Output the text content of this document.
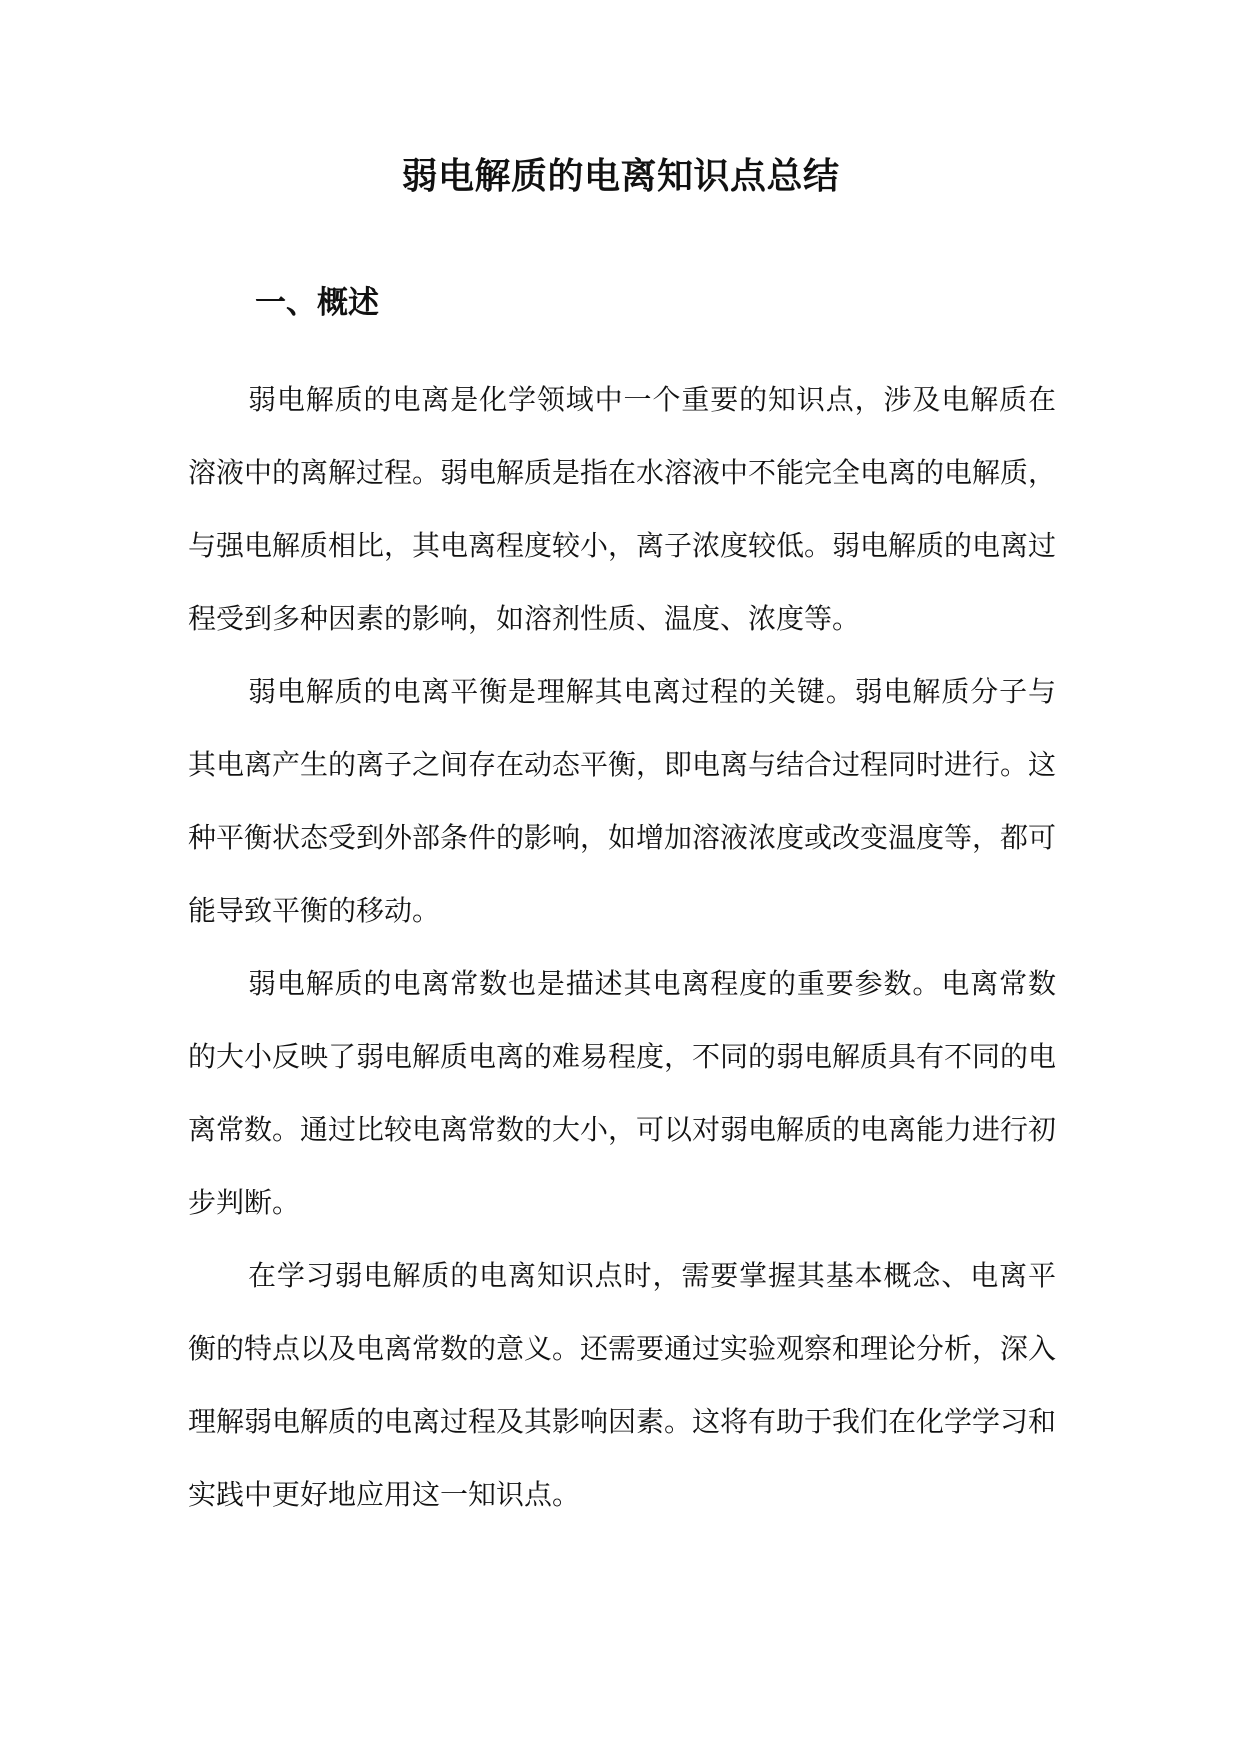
弱电解质的电离知识点总结
一、概述

弱电解质的电离是化学领域中一个重要的知识点，涉及电解质在溶液中的离解过程。弱电解质是指在水溶液中不能完全电离的电解质，与强电解质相比，其电离程度较小，离子浓度较低。弱电解质的电离过程受到多种因素的影响，如溶剂性质、温度、浓度等。

弱电解质的电离平衡是理解其电离过程的关键。弱电解质分子与其电离产生的离子之间存在动态平衡，即电离与结合过程同时进行。这种平衡状态受到外部条件的影响，如增加溶液浓度或改变温度等，都可能导致平衡的移动。

弱电解质的电离常数也是描述其电离程度的重要参数。电离常数的大小反映了弱电解质电离的难易程度，不同的弱电解质具有不同的电离常数。通过比较电离常数的大小，可以对弱电解质的电离能力进行初步判断。

在学习弱电解质的电离知识点时，需要掌握其基本概念、电离平衡的特点以及电离常数的意义。还需要通过实验观察和理论分析，深入理解弱电解质的电离过程及其影响因素。这将有助于我们在化学学习和实践中更好地应用这一知识点。
